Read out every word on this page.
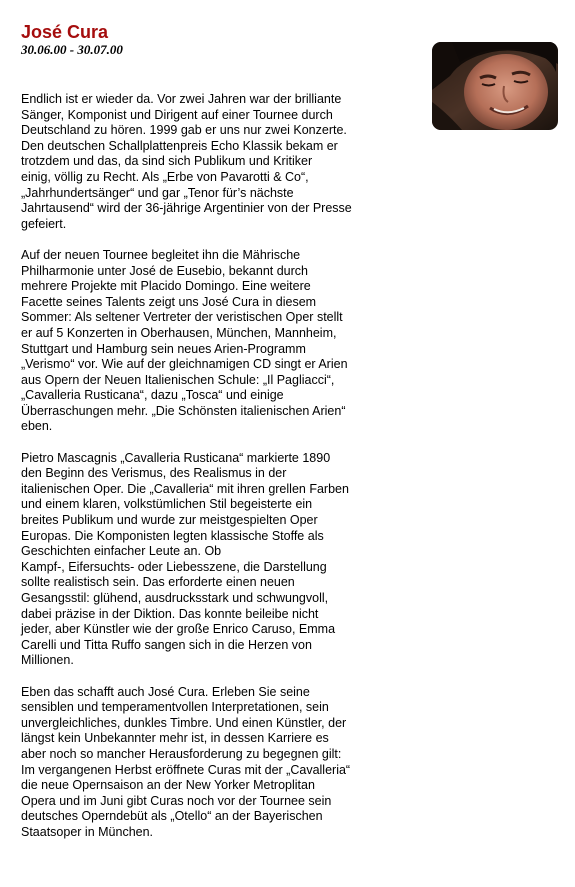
José Cura
30.06.00 - 30.07.00

Endlich ist er wieder da. Vor zwei Jahren war der brilliante
Sänger, Komponist und Dirigent auf einer Tournee durch
Deutschland zu hören. 1999 gab er uns nur zwei Konzerte.
Den deutschen Schallplattenpreis Echo Klassik bekam er
trotzdem und das, da sind sich Publikum und Kritiker
einig, völlig zu Recht. Als „Erbe von Pavarotti & Co“,
„Jahrhundertsänger“ und gar „Tenor für’s nächste
Jahrtausend“ wird der 36-jährige Argentinier von der Presse
gefeiert.

Auf der neuen Tournee begleitet ihn die Mährische
Philharmonie unter José de Eusebio, bekannt durch
mehrere Projekte mit Placido Domingo. Eine weitere
Facette seines Talents zeigt uns José Cura in diesem
Sommer: Als seltener Vertreter der veristischen Oper stellt
er auf 5 Konzerten in Oberhausen, München, Mannheim,
Stuttgart und Hamburg sein neues Arien-Programm
„Verismo“ vor. Wie auf der gleichnamigen CD singt er Arien
aus Opern der Neuen Italienischen Schule: „Il Pagliacci“,
„Cavalleria Rusticana“, dazu „Tosca“ und einige
Überraschungen mehr. „Die Schönsten italienischen Arien“
eben.

Pietro Mascagnis „Cavalleria Rusticana“ markierte 1890
den Beginn des Verismus, des Realismus in der
italienischen Oper. Die „Cavalleria“ mit ihren grellen Farben
und einem klaren, volkstümlichen Stil begeisterte ein
breites Publikum und wurde zur meistgespielten Oper
Europas. Die Komponisten legten klassische Stoffe als
Geschichten einfacher Leute an. Ob
Kampf-, Eifersuchts- oder Liebesszene, die Darstellung
sollte realistisch sein. Das erforderte einen neuen
Gesangsstil: glühend, ausdrucksstark und schwungvoll,
dabei präzise in der Diktion. Das konnte beileibe nicht
jeder, aber Künstler wie der große Enrico Caruso, Emma
Carelli und Titta Ruffo sangen sich in die Herzen von
Millionen.

Eben das schafft auch José Cura. Erleben Sie seine
sensiblen und temperamentvollen Interpretationen, sein
unvergleichliches, dunkles Timbre. Und einen Künstler, der
längst kein Unbekannter mehr ist, in dessen Karriere es
aber noch so mancher Herausforderung zu begegnen gilt:
Im vergangenen Herbst eröffnete Curas mit der „Cavalleria“
die neue Opernsaison an der New Yorker Metroplitan
Opera und im Juni gibt Curas noch vor der Tournee sein
deutsches Operndebüt als „Otello“ an der Bayerischen
Staatsoper in München.
